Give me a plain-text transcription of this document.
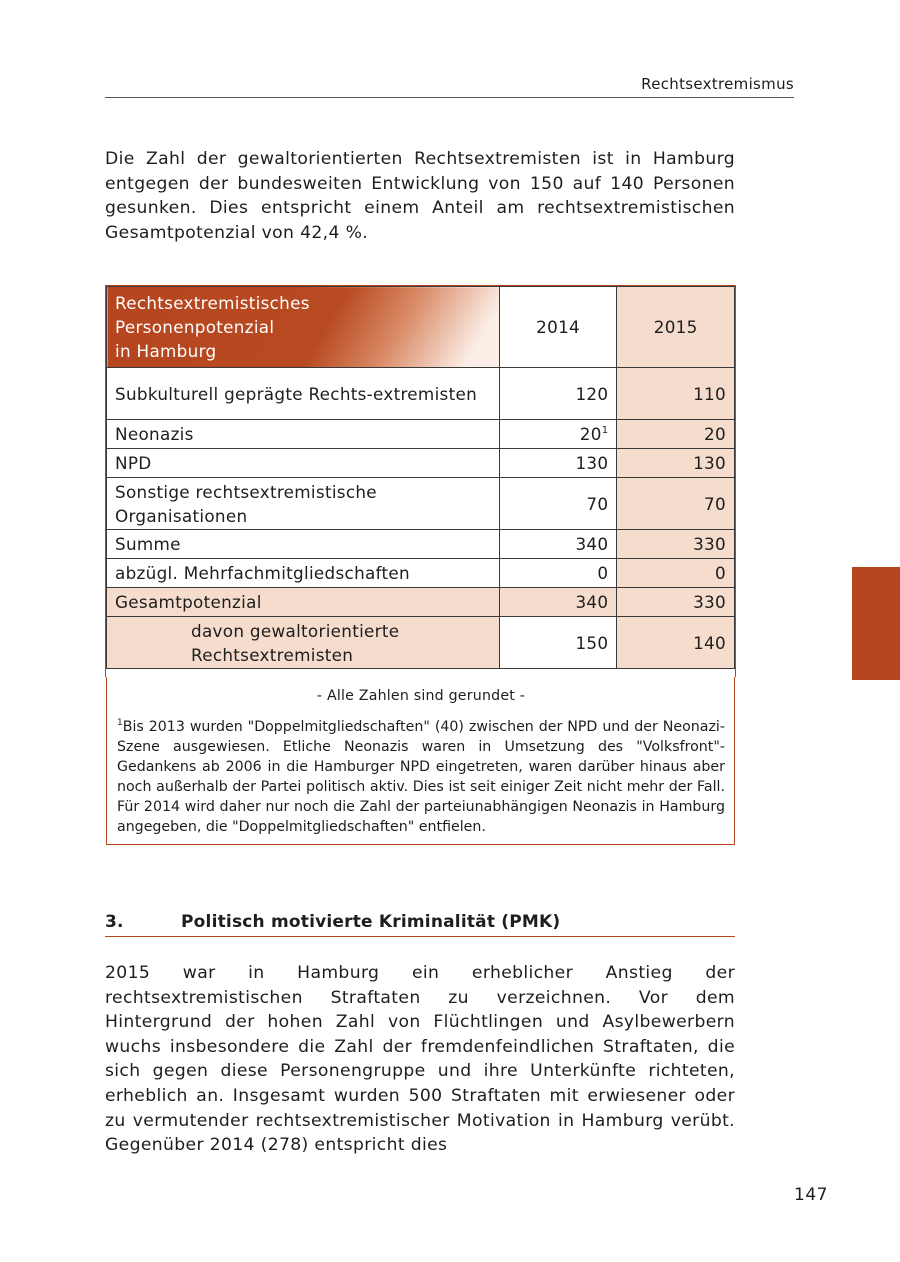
Rechtsextremismus

Die Zahl der gewaltorientierten Rechtsextremisten ist in Hamburg entgegen der bundesweiten Entwicklung von 150 auf 140 Personen gesunken. Dies entspricht einem Anteil am rechtsextremistischen Gesamtpotenzial von 42,4 %.

Rechtsextremistisches
Personenpotenzial
in Hamburg	2014	2015
Subkulturell geprägte Rechts-extremisten	120	110
Neonazis	$20^1$	20
NPD	130	130
Sonstige rechtsextremistische Organisationen	70	70
Summe	340	330
abzügl. Mehrfachmitgliedschaften	0	0
Gesamtpotenzial	340	330
davon gewaltorientierte Rechtsextremisten	150	140
- Alle Zahlen sind gerundet -

$^1$Bis 2013 wurden "Doppelmitgliedschaften" (40) zwischen der NPD und der Neonazi-Szene ausgewiesen. Etliche Neonazis waren in Umsetzung des "Volksfront"-Gedankens ab 2006 in die Hamburger NPD eingetreten, waren darüber hinaus aber noch außerhalb der Partei politisch aktiv. Dies ist seit einiger Zeit nicht mehr der Fall. Für 2014 wird daher nur noch die Zahl der parteiunabhängigen Neonazis in Hamburg angegeben, die "Doppelmitgliedschaften" entfielen.

3.	Politisch motivierte Kriminalität (PMK)

2015 war in Hamburg ein erheblicher Anstieg der rechtsextremistischen Straftaten zu verzeichnen. Vor dem Hintergrund der hohen Zahl von Flüchtlingen und Asylbewerbern wuchs insbesondere die Zahl der fremdenfeindlichen Straftaten, die sich gegen diese Personengruppe und ihre Unterkünfte richteten, erheblich an. Insgesamt wurden 500 Straftaten mit erwiesener oder zu vermutender rechtsextremistischer Motivation in Hamburg verübt. Gegenüber 2014 (278) entspricht dies

147
